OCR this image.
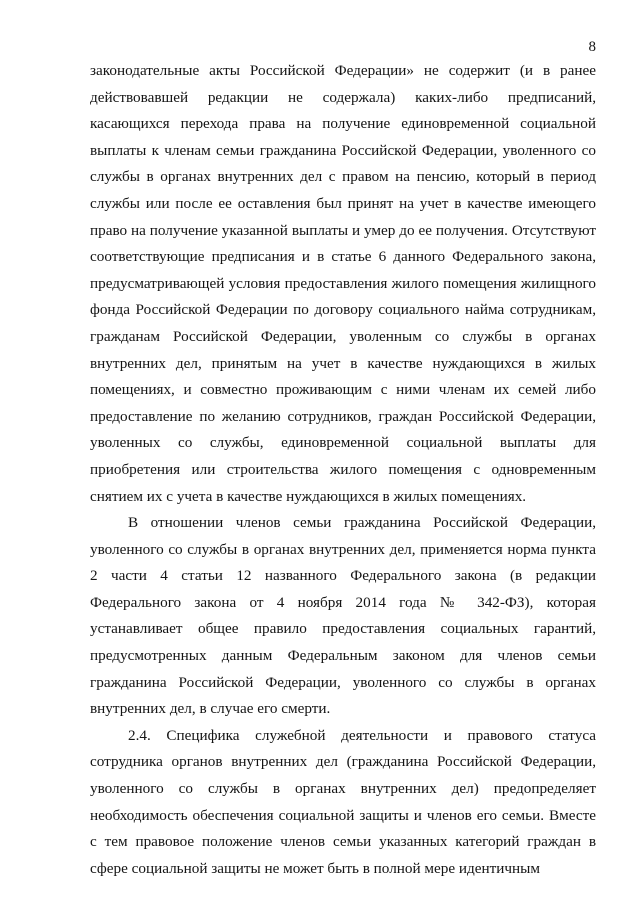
8

законодательные акты Российской Федерации» не содержит (и в ранее действовавшей редакции не содержала) каких-либо предписаний, касающихся перехода права на получение единовременной социальной выплаты к членам семьи гражданина Российской Федерации, уволенного со службы в органах внутренних дел с правом на пенсию, который в период службы или после ее оставления был принят на учет в качестве имеющего право на получение указанной выплаты и умер до ее получения. Отсутствуют соответствующие предписания и в статье 6 данного Федерального закона, предусматривающей условия предоставления жилого помещения жилищного фонда Российской Федерации по договору социального найма сотрудникам, гражданам Российской Федерации, уволенным со службы в органах внутренних дел, принятым на учет в качестве нуждающихся в жилых помещениях, и совместно проживающим с ними членам их семей либо предоставление по желанию сотрудников, граждан Российской Федерации, уволенных со службы, единовременной социальной выплаты для приобретения или строительства жилого помещения с одновременным снятием их с учета в качестве нуждающихся в жилых помещениях.

В отношении членов семьи гражданина Российской Федерации, уволенного со службы в органах внутренних дел, применяется норма пункта 2 части 4 статьи 12 названного Федерального закона (в редакции Федерального закона от 4 ноября 2014 года № 342-ФЗ), которая устанавливает общее правило предоставления социальных гарантий, предусмотренных данным Федеральным законом для членов семьи гражданина Российской Федерации, уволенного со службы в органах внутренних дел, в случае его смерти.

2.4. Специфика служебной деятельности и правового статуса сотрудника органов внутренних дел (гражданина Российской Федерации, уволенного со службы в органах внутренних дел) предопределяет необходимость обеспечения социальной защиты и членов его семьи. Вместе с тем правовое положение членов семьи указанных категорий граждан в сфере социальной защиты не может быть в полной мере идентичным
